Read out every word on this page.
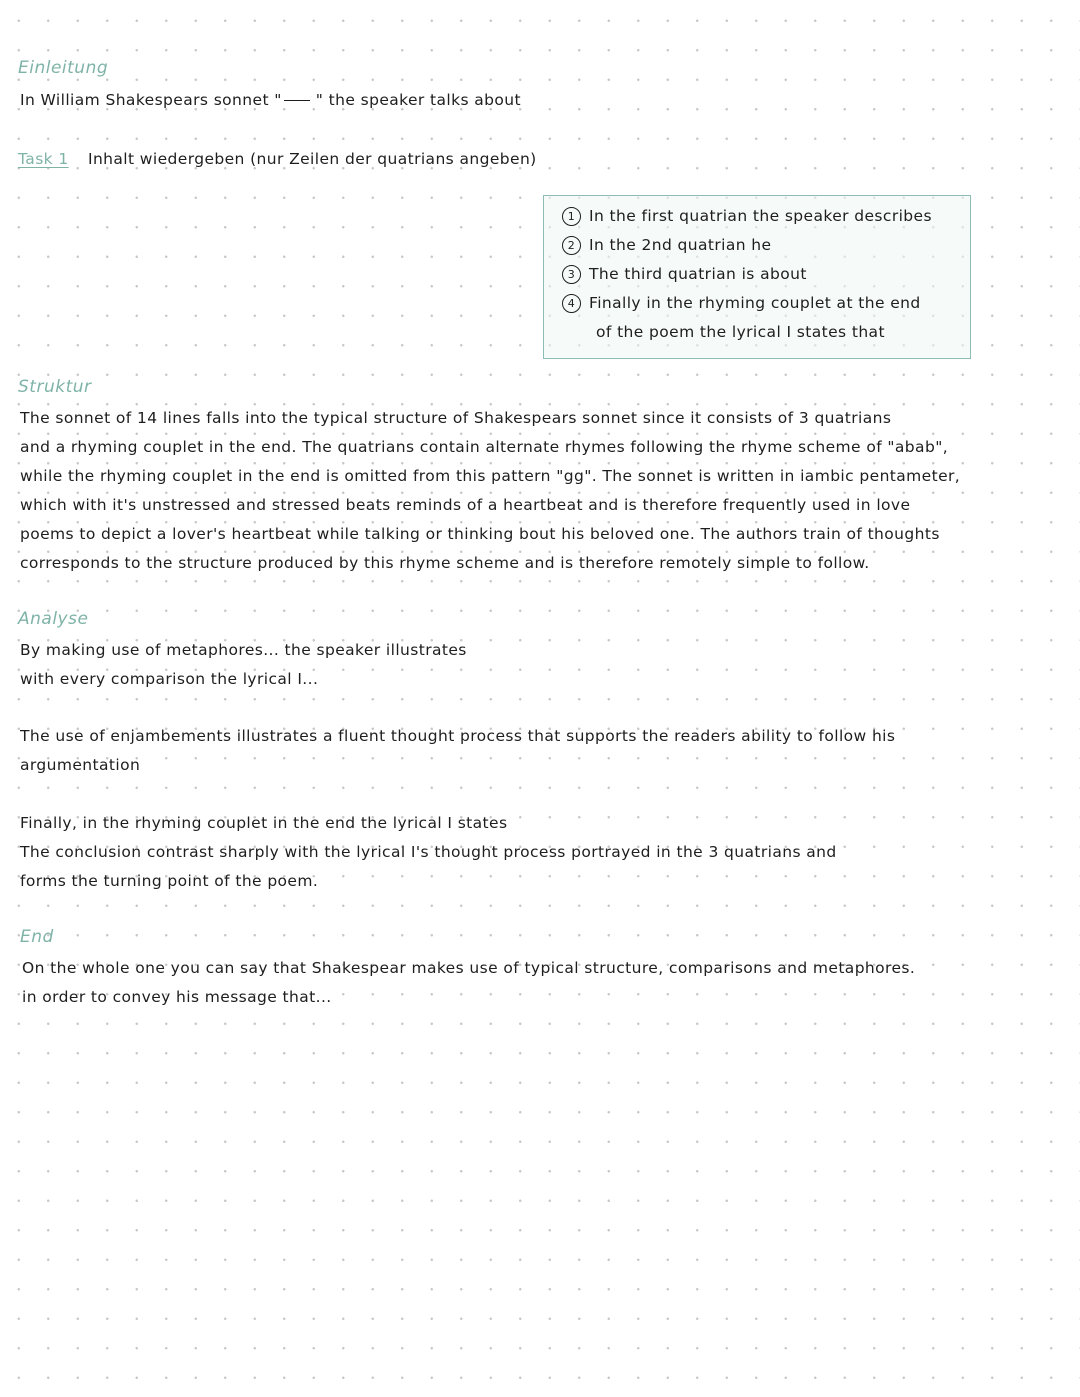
Einleitung
In William Shakespears sonnet " " the speaker talks about
Task 1 Inhalt wiedergeben (nur Zeilen der quatrians angeben)
1 In the first quatrian the speaker describes
2 In the 2nd quatrian he
3 The third quatrian is about
4 Finally in the rhyming couplet at the end
of the poem the lyrical I states that
Struktur
The sonnet of 14 lines falls into the typical structure of Shakespears sonnet since it consists of 3 quatrians
and a rhyming couplet in the end. The quatrians contain alternate rhymes following the rhyme scheme of "abab",
while the rhyming couplet in the end is omitted from this pattern "gg". The sonnet is written in iambic pentameter,
which with it's unstressed and stressed beats reminds of a heartbeat and is therefore frequently used in love
poems to depict a lover's heartbeat while talking or thinking bout his beloved one. The authors train of thoughts
corresponds to the structure produced by this rhyme scheme and is therefore remotely simple to follow.
Analyse
By making use of metaphores... the speaker illustrates
with every comparison the lyrical I...
The use of enjambements illustrates a fluent thought process that supports the readers ability to follow his
argumentation
Finally, in the rhyming couplet in the end the lyrical I states
The conclusion contrast sharply with the lyrical I's thought process portrayed in the 3 quatrians and
forms the turning point of the poem.
End
On the whole one you can say that Shakespear makes use of typical structure, comparisons and metaphores.
in order to convey his message that...
